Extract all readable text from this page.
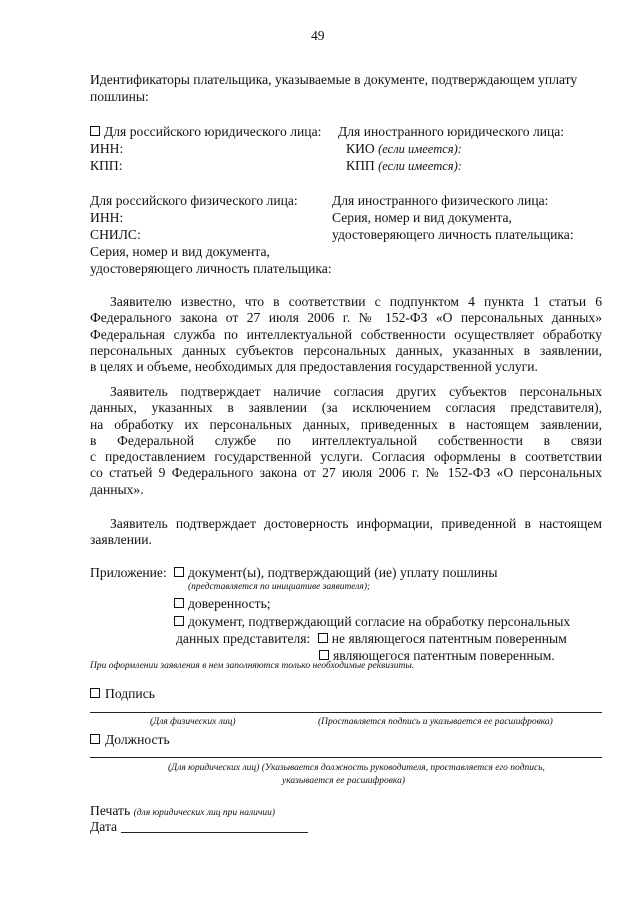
49
Идентификаторы плательщика, указываемые в документе, подтверждающем уплату
пошлины:
Для российского юридического лица:
ИНН:
КПП:
Для иностранного юридического лица:
КИО (если имеется):
КПП (если имеется):
Для российского физического лица:
ИНН:
СНИЛС:
Серия, номер и вид документа,
удостоверяющего личность плательщика:
Для иностранного физического лица:
Серия, номер и вид документа,
удостоверяющего личность плательщика:
Заявителю известно, что в соответствии с подпунктом 4 пункта 1 статьи 6
Федерального закона от 27 июля 2006 г. № 152-ФЗ «О персональных данных»
Федеральная служба по интеллектуальной собственности осуществляет обработку
персональных данных субъектов персональных данных, указанных в заявлении,
в целях и объеме, необходимых для предоставления государственной услуги.
Заявитель подтверждает наличие согласия других субъектов персональных
данных, указанных в заявлении (за исключением согласия представителя),
на обработку их персональных данных, приведенных в настоящем заявлении,
в Федеральной службе по интеллектуальной собственности в связи
с предоставлением государственной услуги. Согласия оформлены в соответствии
со статьей 9 Федерального закона от 27 июля 2006 г. № 152-ФЗ «О персональных
данных».
Заявитель подтверждает достоверность информации, приведенной в настоящем
заявлении.
Приложение:	документ(ы), подтверждающий (ие) уплату пошлины
(представляется по инициативе заявителя);
доверенность;
документ, подтверждающий согласие на обработку персональных
данных представителя: не являющегося патентным поверенным
являющегося патентным поверенным.
При оформлении заявления в нем заполняются только необходимые реквизиты.
Подпись
(Для физических лиц)	(Проставляется подпись и указывается ее расшифровка)
Должность
(Для юридических лиц) (Указывается должность руководителя, проставляется его подпись,
указывается ее расшифровка)
Печать (для юридических лиц при наличии)
Дата
